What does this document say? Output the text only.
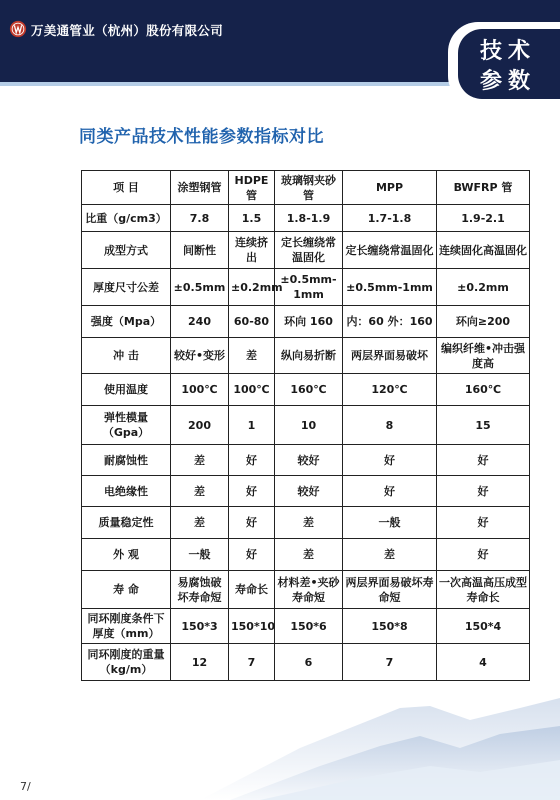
万美通管业（杭州）股份有限公司
技术
参数
同类产品技术性能参数指标对比
项 目	涂塑钢管	HDPE 管	玻璃钢夹砂管	MPP	BWFRP 管
比重（g/cm3）	7.8	1.5	1.8-1.9	1.7-1.8	1.9-2.1
成型方式	间断性	连续挤出	定长缠绕常温固化	定长缠绕常温固化	连续固化高温固化
厚度尺寸公差	±0.5mm	±0.2mm	±0.5mm-1mm	±0.5mm-1mm	±0.2mm
强度（Mpa）	240	60-80	环向 160	内：60 外：160	环向≥200
冲 击	较好•变形	差	纵向易折断	两层界面易破坏	编织纤维•冲击强度高
使用温度	100℃	100℃	160℃	120℃	160℃
弹性模量（Gpa）	200	1	10	8	15
耐腐蚀性	差	好	较好	好	好
电绝缘性	差	好	较好	好	好
质量稳定性	差	好	差	一般	好
外 观	一般	好	差	差	好
寿 命	易腐蚀破坏寿命短	寿命长	材料差•夹砂寿命短	两层界面易破坏寿命短	一次高温高压成型寿命长
同环刚度条件下厚度（mm）	150*3	150*10	150*6	150*8	150*4
同环刚度的重量（kg/m）	12	7	6	7	4
7/
